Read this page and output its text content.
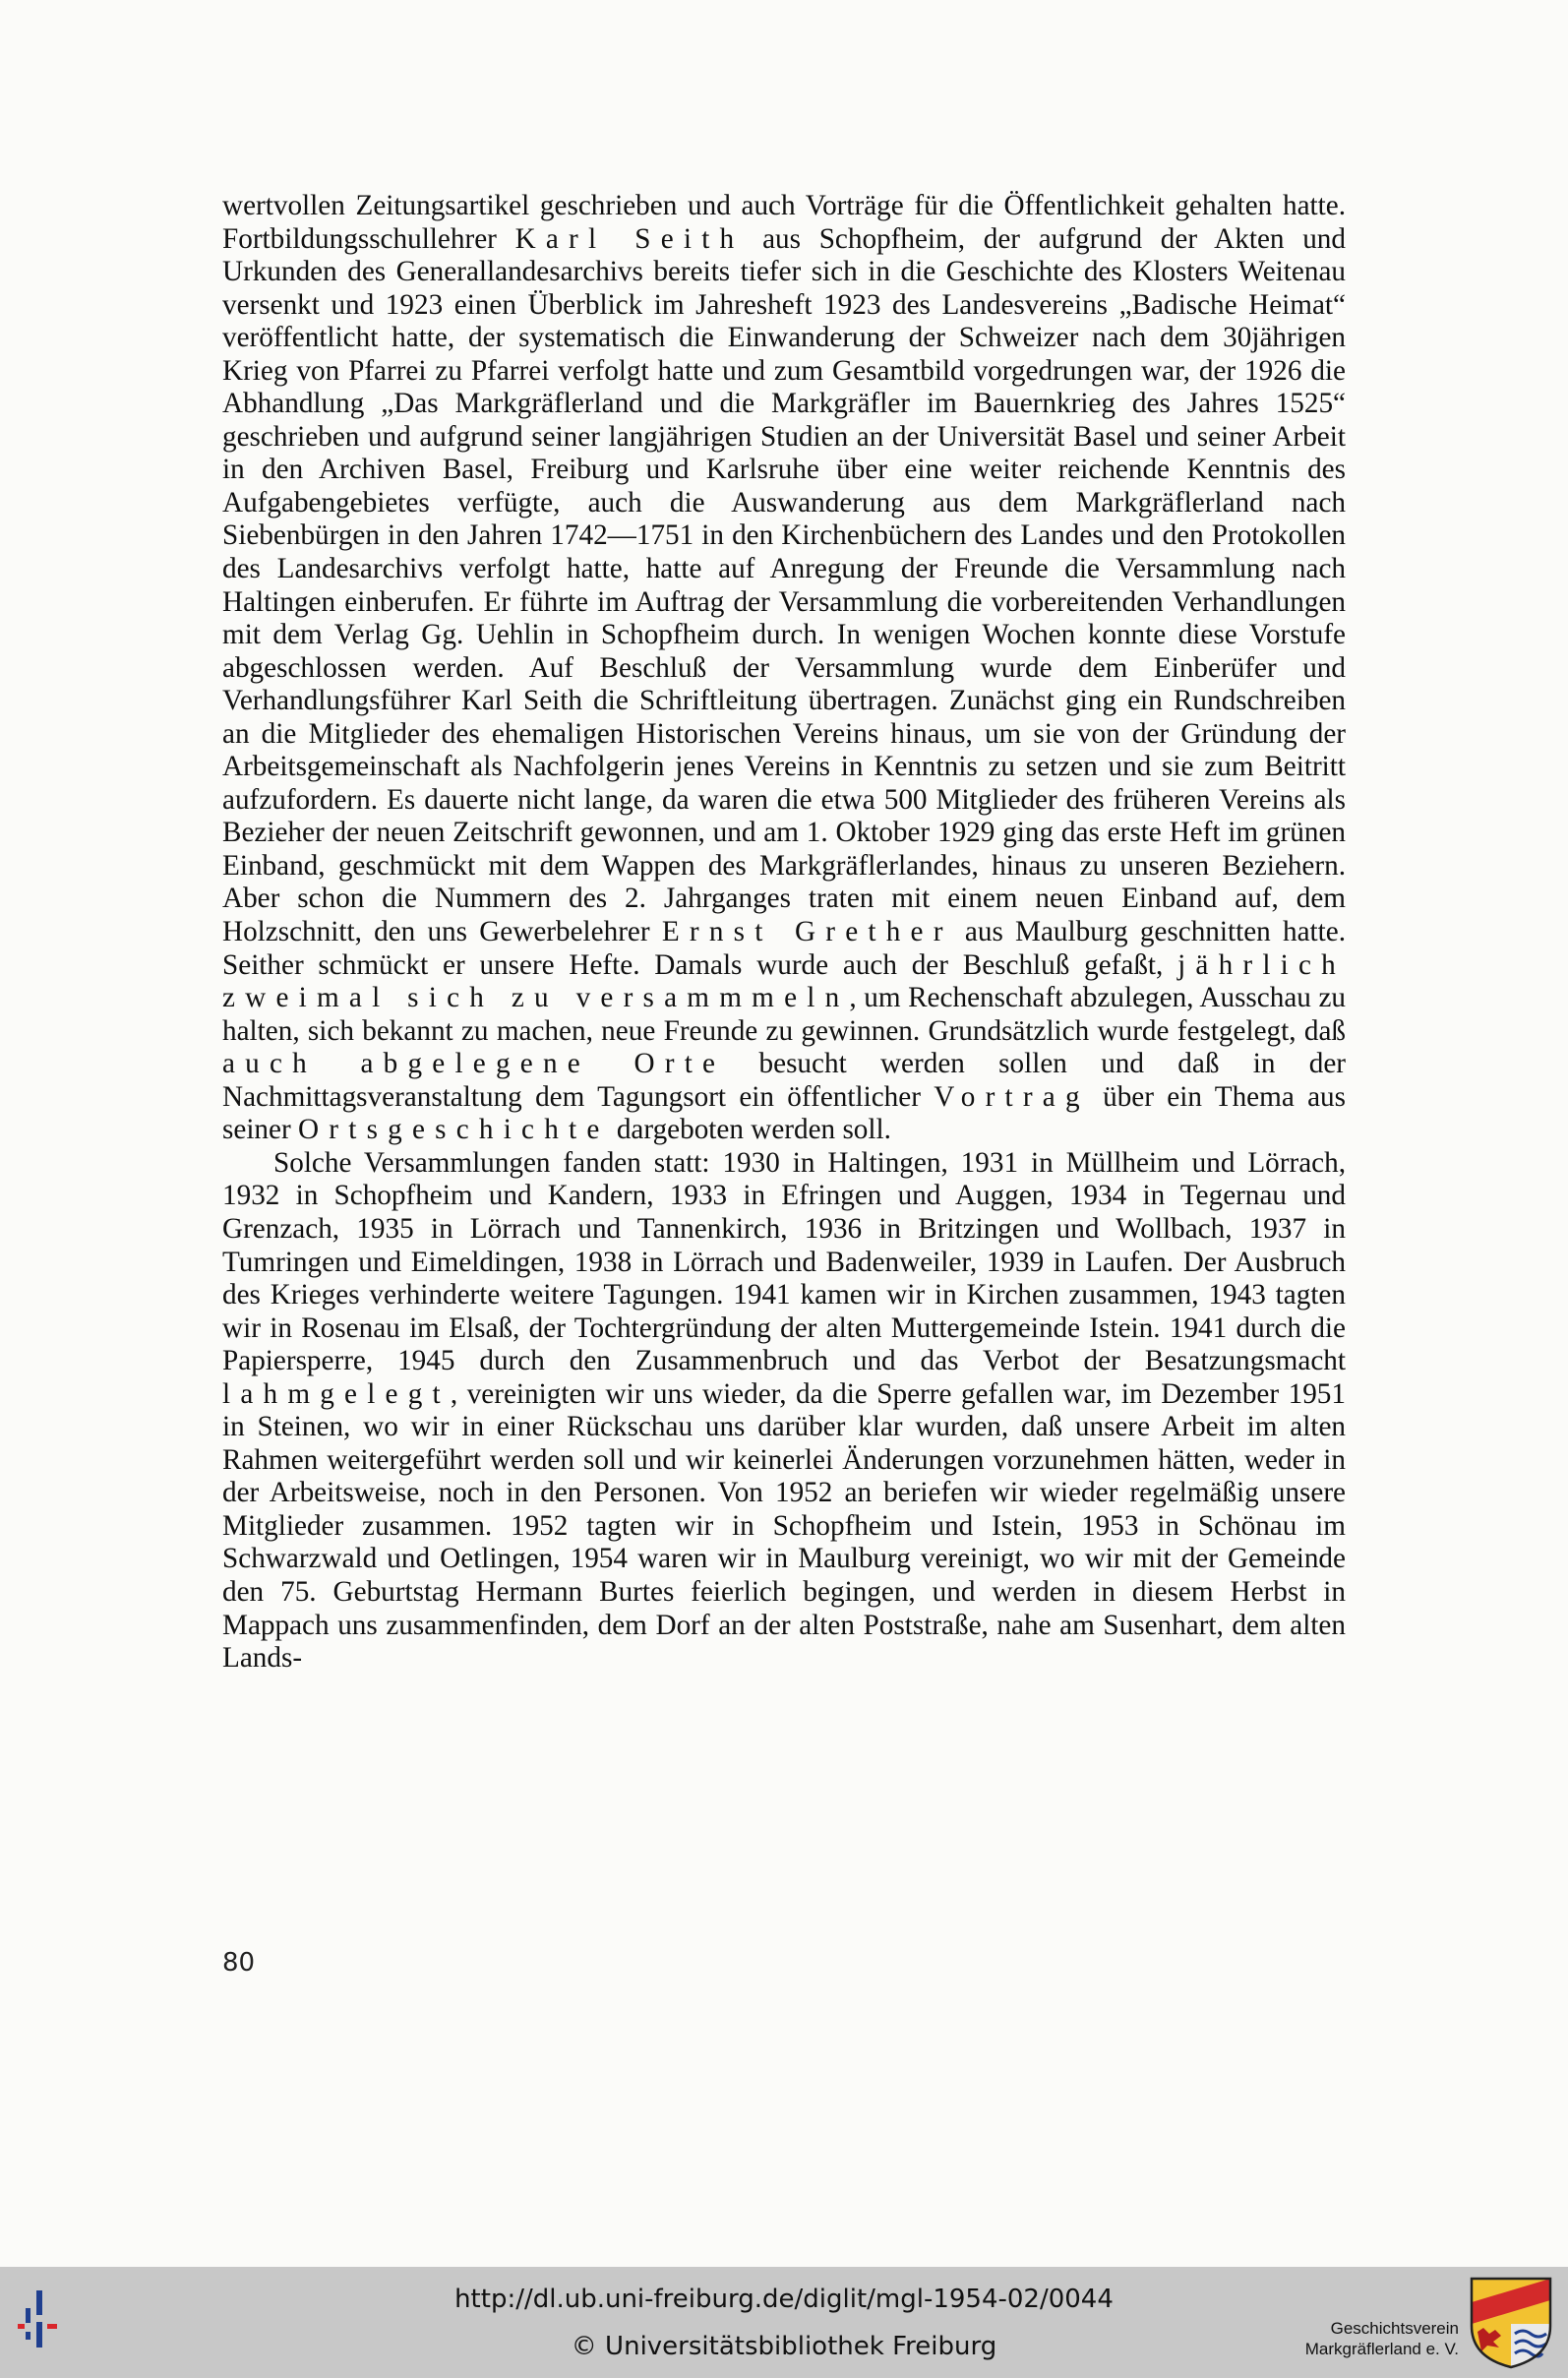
wertvollen Zeitungsartikel geschrieben und auch Vorträge für die Öffentlichkeit gehalten hatte. Fortbildungsschullehrer Karl Seith aus Schopfheim, der aufgrund der Akten und Urkunden des Generallandesarchivs bereits tiefer sich in die Geschichte des Klosters Weitenau versenkt und 1923 einen Überblick im Jahresheft 1923 des Landesvereins „Badische Heimat“ veröffentlicht hatte, der systematisch die Einwanderung der Schweizer nach dem 30jährigen Krieg von Pfarrei zu Pfarrei verfolgt hatte und zum Gesamtbild vorgedrungen war, der 1926 die Abhandlung „Das Markgräflerland und die Markgräfler im Bauernkrieg des Jahres 1525“ geschrieben und aufgrund seiner langjährigen Studien an der Universität Basel und seiner Arbeit in den Archiven Basel, Freiburg und Karlsruhe über eine weiter reichende Kenntnis des Aufgabengebietes verfügte, auch die Auswanderung aus dem Markgräflerland nach Siebenbürgen in den Jahren 1742—1751 in den Kirchenbüchern des Landes und den Protokollen des Landesarchivs verfolgt hatte, hatte auf Anregung der Freunde die Versammlung nach Haltingen einberufen. Er führte im Auftrag der Versammlung die vorbereitenden Verhandlungen mit dem Verlag Gg. Uehlin in Schopfheim durch. In wenigen Wochen konnte diese Vorstufe abgeschlossen werden. Auf Beschluß der Versammlung wurde dem Einberüfer und Verhandlungsführer Karl Seith die Schriftleitung übertragen. Zunächst ging ein Rundschreiben an die Mitglieder des ehemaligen Historischen Vereins hinaus, um sie von der Gründung der Arbeitsgemeinschaft als Nachfolgerin jenes Vereins in Kenntnis zu setzen und sie zum Beitritt aufzufordern. Es dauerte nicht lange, da waren die etwa 500 Mitglieder des früheren Vereins als Bezieher der neuen Zeitschrift gewonnen, und am 1. Oktober 1929 ging das erste Heft im grünen Einband, geschmückt mit dem Wappen des Markgräflerlandes, hinaus zu unseren Beziehern. Aber schon die Nummern des 2. Jahrganges traten mit einem neuen Einband auf, dem Holzschnitt, den uns Gewerbelehrer Ernst Grether aus Maulburg geschnitten hatte. Seither schmückt er unsere Hefte. Damals wurde auch der Beschluß gefaßt, jährlich zweimal sich zu versammmeln, um Rechenschaft abzulegen, Ausschau zu halten, sich bekannt zu machen, neue Freunde zu gewinnen. Grundsätzlich wurde festgelegt, daß auch abgelegene Orte besucht werden sollen und daß in der Nachmittagsveranstaltung dem Tagungsort ein öffentlicher Vortrag über ein Thema aus seiner Ortsgeschichte dargeboten werden soll.

Solche Versammlungen fanden statt: 1930 in Haltingen, 1931 in Müllheim und Lörrach, 1932 in Schopfheim und Kandern, 1933 in Efringen und Auggen, 1934 in Tegernau und Grenzach, 1935 in Lörrach und Tannenkirch, 1936 in Britzingen und Wollbach, 1937 in Tumringen und Eimeldingen, 1938 in Lörrach und Badenweiler, 1939 in Laufen. Der Ausbruch des Krieges verhinderte weitere Tagungen. 1941 kamen wir in Kirchen zusammen, 1943 tagten wir in Rosenau im Elsaß, der Tochtergründung der alten Muttergemeinde Istein. 1941 durch die Papiersperre, 1945 durch den Zusammenbruch und das Verbot der Besatzungsmacht lahmgelegt, vereinigten wir uns wieder, da die Sperre gefallen war, im Dezember 1951 in Steinen, wo wir in einer Rückschau uns darüber klar wurden, daß unsere Arbeit im alten Rahmen weitergeführt werden soll und wir keinerlei Änderungen vorzunehmen hätten, weder in der Arbeitsweise, noch in den Personen. Von 1952 an beriefen wir wieder regelmäßig unsere Mitglieder zusammen. 1952 tagten wir in Schopfheim und Istein, 1953 in Schönau im Schwarzwald und Oetlingen, 1954 waren wir in Maulburg vereinigt, wo wir mit der Gemeinde den 75. Geburtstag Hermann Burtes feierlich begingen, und werden in diesem Herbst in Mappach uns zusammenfinden, dem Dorf an der alten Poststraße, nahe am Susenhart, dem alten Lands-

80
http://dl.ub.uni-freiburg.de/diglit/mgl-1954-02/0044
© Universitätsbibliothek Freiburg
Geschichtsverein
Markgräflerland e. V.
